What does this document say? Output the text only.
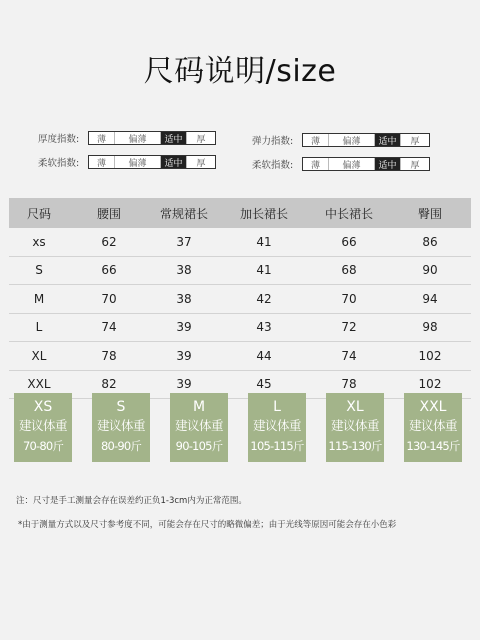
尺码说明/size
厚度指数:	薄	偏薄	适中	厚	弹力指数:	薄	偏薄	适中	厚
柔软指数:	薄	偏薄	适中	厚	柔软指数:	薄	偏薄	适中	厚
尺码	腰围	常规裙长	加长裙长	中长裙长	臀围
xs	62	37	41	66	86
S	66	38	41	68	90
M	70	38	42	70	94
L	74	39	43	72	98
XL	78	39	44	74	102
XXL	82	39	45	78	102
XS
建议体重
70-80斤
S
建议体重
80-90斤
M
建议体重
90-105斤
L
建议体重
105-115斤
XL
建议体重
115-130斤
XXL
建议体重
130-145斤
注：尺寸是手工测量会存在误差约正负1-3cm内为正常范围。
*由于测量方式以及尺寸参考度不同，可能会存在尺寸的略微偏差；由于光线等原因可能会存在小色彩
